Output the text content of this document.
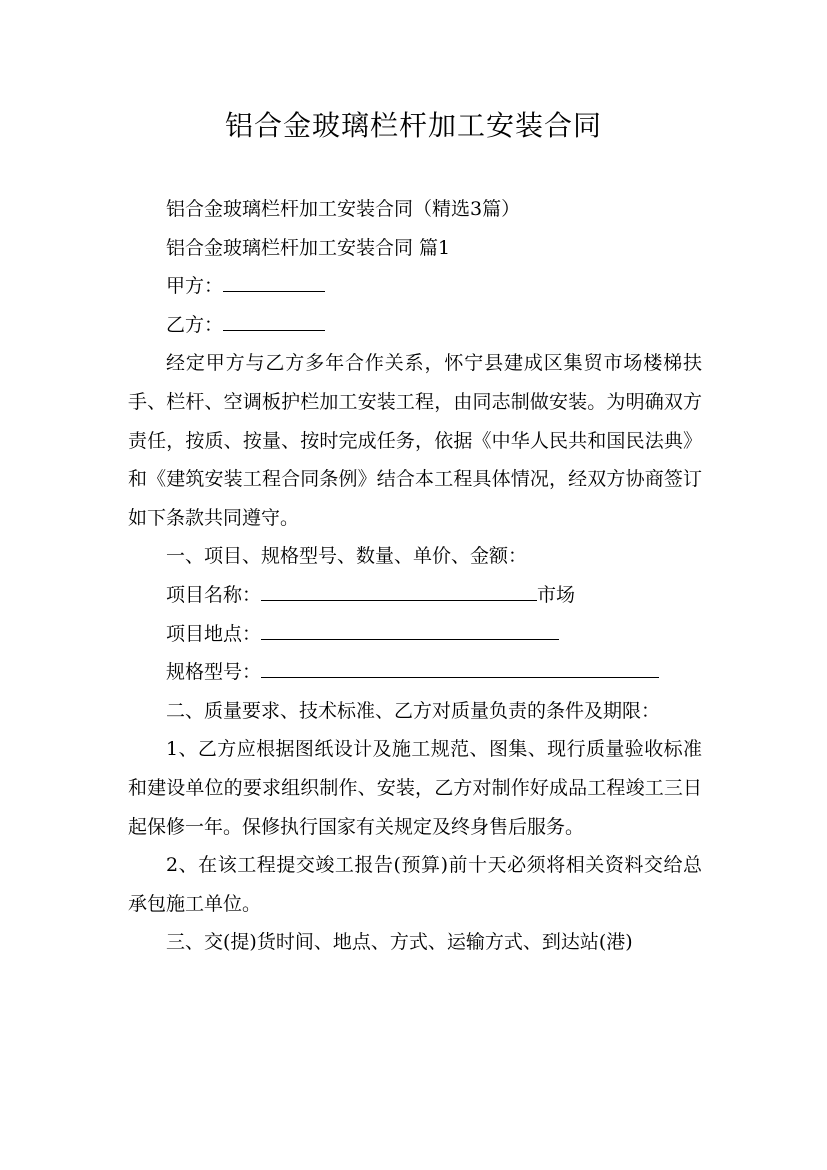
铝合金玻璃栏杆加工安装合同

铝合金玻璃栏杆加工安装合同（精选3篇）

铝合金玻璃栏杆加工安装合同 篇1

甲方：

乙方：

经定甲方与乙方多年合作关系，怀宁县建成区集贸市场楼梯扶手、栏杆、空调板护栏加工安装工程，由同志制做安装。为明确双方责任，按质、按量、按时完成任务，依据《中华人民共和国民法典》和《建筑安装工程合同条例》结合本工程具体情况，经双方协商签订如下条款共同遵守。

一、项目、规格型号、数量、单价、金额：

项目名称：	市场

项目地点：

规格型号：

二、质量要求、技术标准、乙方对质量负责的条件及期限：

1、乙方应根据图纸设计及施工规范、图集、现行质量验收标准和建设单位的要求组织制作、安装，乙方对制作好成品工程竣工三日起保修一年。保修执行国家有关规定及终身售后服务。

2、在该工程提交竣工报告(预算)前十天必须将相关资料交给总承包施工单位。

三、交(提)货时间、地点、方式、运输方式、到达站(港)
